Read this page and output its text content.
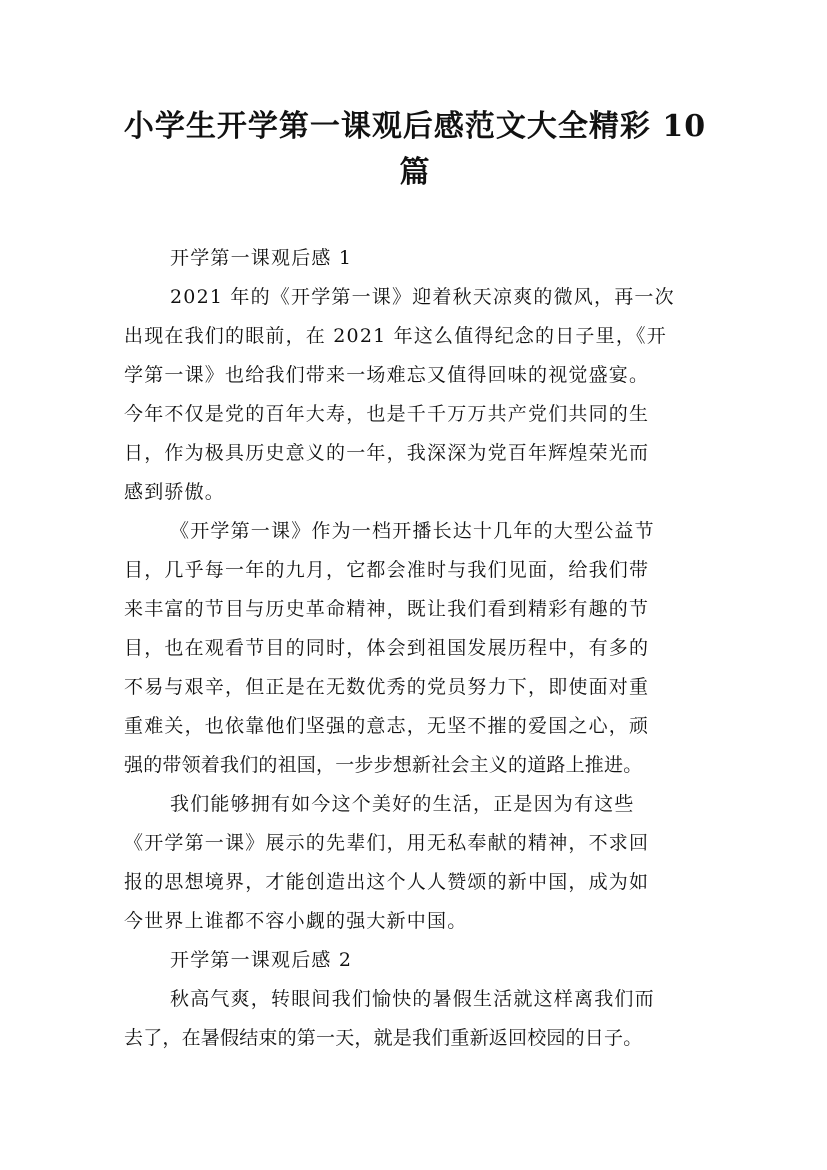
小学生开学第一课观后感范文大全精彩 10
篇
开学第一课观后感 1
2021 年的《开学第一课》迎着秋天凉爽的微风，再一次
出现在我们的眼前，在 2021 年这么值得纪念的日子里，《开
学第一课》也给我们带来一场难忘又值得回味的视觉盛宴。
今年不仅是党的百年大寿，也是千千万万共产党们共同的生
日，作为极具历史意义的一年，我深深为党百年辉煌荣光而
感到骄傲。
《开学第一课》作为一档开播长达十几年的大型公益节
目，几乎每一年的九月，它都会准时与我们见面，给我们带
来丰富的节目与历史革命精神，既让我们看到精彩有趣的节
目，也在观看节目的同时，体会到祖国发展历程中，有多的
不易与艰辛，但正是在无数优秀的党员努力下，即使面对重
重难关，也依靠他们坚强的意志，无坚不摧的爱国之心，顽
强的带领着我们的祖国，一步步想新社会主义的道路上推进。
我们能够拥有如今这个美好的生活，正是因为有这些
《开学第一课》展示的先辈们，用无私奉献的精神，不求回
报的思想境界，才能创造出这个人人赞颂的新中国，成为如
今世界上谁都不容小觑的强大新中国。
开学第一课观后感 2
秋高气爽，转眼间我们愉快的暑假生活就这样离我们而
去了，在暑假结束的第一天，就是我们重新返回校园的日子。
